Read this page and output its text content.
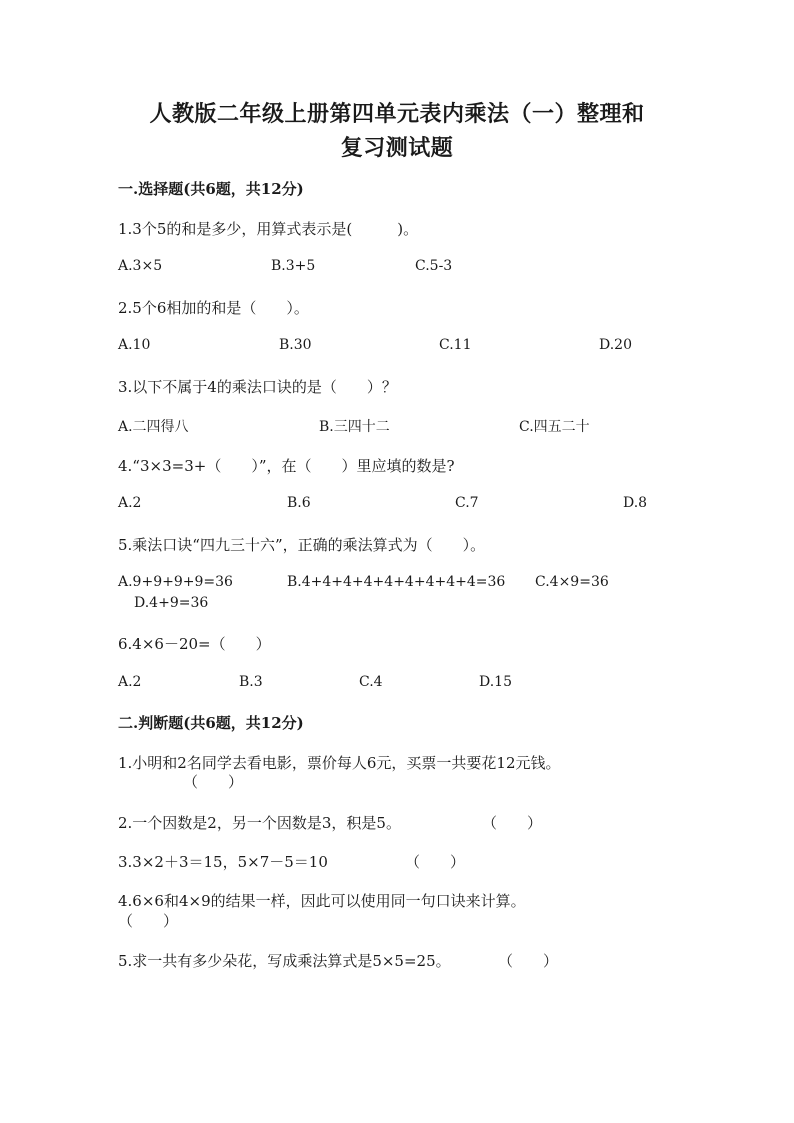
人教版二年级上册第四单元表内乘法（一）整理和
复习测试题
一.选择题(共6题，共12分)
1.3个5的和是多少，用算式表示是(　　　)。
A.3×5	B.3+5	C.5-3
2.5个6相加的和是（　　）。
A.10	B.30	C.11	D.20
3.以下不属于4的乘法口诀的是（　　）？
A.二四得八	B.三四十二	C.四五二十
4.“3×3=3+（　　）”，在（　　）里应填的数是?
A.2	B.6	C.7	D.8
5.乘法口诀“四九三十六”，正确的乘法算式为（　　）。
A.9+9+9+9=36	B.4+4+4+4+4+4+4+4+4=36 C.4×9=36
D.4+9=36
6.4×6－20=（　　）
A.2	B.3	C.4	D.15
二.判断题(共6题，共12分)
1.小明和2名同学去看电影，票价每人6元，买票一共要花12元钱。
（　　）
2.一个因数是2，另一个因数是3，积是5。	（　　）
3.3×2＋3＝15，5×7－5＝10	（　　）
4.6×6和4×9的结果一样，因此可以使用同一句口诀来计算。
（　　）
5.求一共有多少朵花，写成乘法算式是5×5=25。	（　　）
